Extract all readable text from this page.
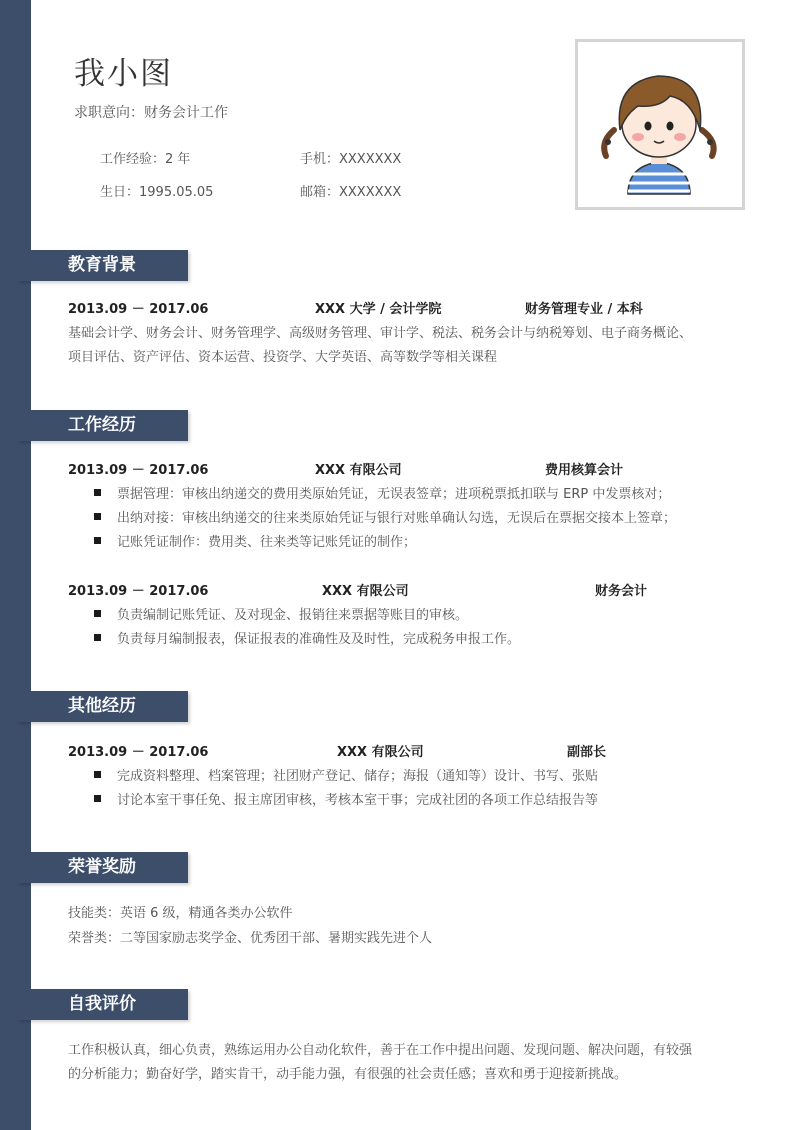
我小图
求职意向：财务会计工作
工作经验：2 年	手机：XXXXXXX
生日：1995.05.05	邮箱：XXXXXXX
教育背景
2013.09 － 2017.06	XXX 大学 / 会计学院	财务管理专业 / 本科
基础会计学、财务会计、财务管理学、高级财务管理、审计学、税法、税务会计与纳税筹划、电子商务概论、
项目评估、资产评估、资本运营、投资学、大学英语、高等数学等相关课程
工作经历
2013.09 － 2017.06	XXX 有限公司	费用核算会计
票据管理：审核出纳递交的费用类原始凭证，无误表签章；进项税票抵扣联与 ERP 中发票核对；
出纳对接：审核出纳递交的往来类原始凭证与银行对账单确认勾选，无误后在票据交接本上签章；
记账凭证制作：费用类、往来类等记账凭证的制作；
2013.09 － 2017.06	XXX 有限公司	财务会计
负责编制记账凭证、及对现金、报销往来票据等账目的审核。
负责每月编制报表，保证报表的准确性及及时性，完成税务申报工作。
其他经历
2013.09 － 2017.06	XXX 有限公司	副部长
完成资料整理、档案管理；社团财产登记、储存；海报（通知等）设计、书写、张贴
讨论本室干事任免、报主席团审核，考核本室干事；完成社团的各项工作总结报告等
荣誉奖励
技能类：英语 6 级，精通各类办公软件
荣誉类：二等国家励志奖学金、优秀团干部、暑期实践先进个人
自我评价
工作积极认真，细心负责，熟练运用办公自动化软件，善于在工作中提出问题、发现问题、解决问题，有较强
的分析能力；勤奋好学，踏实肯干，动手能力强，有很强的社会责任感；喜欢和勇于迎接新挑战。
